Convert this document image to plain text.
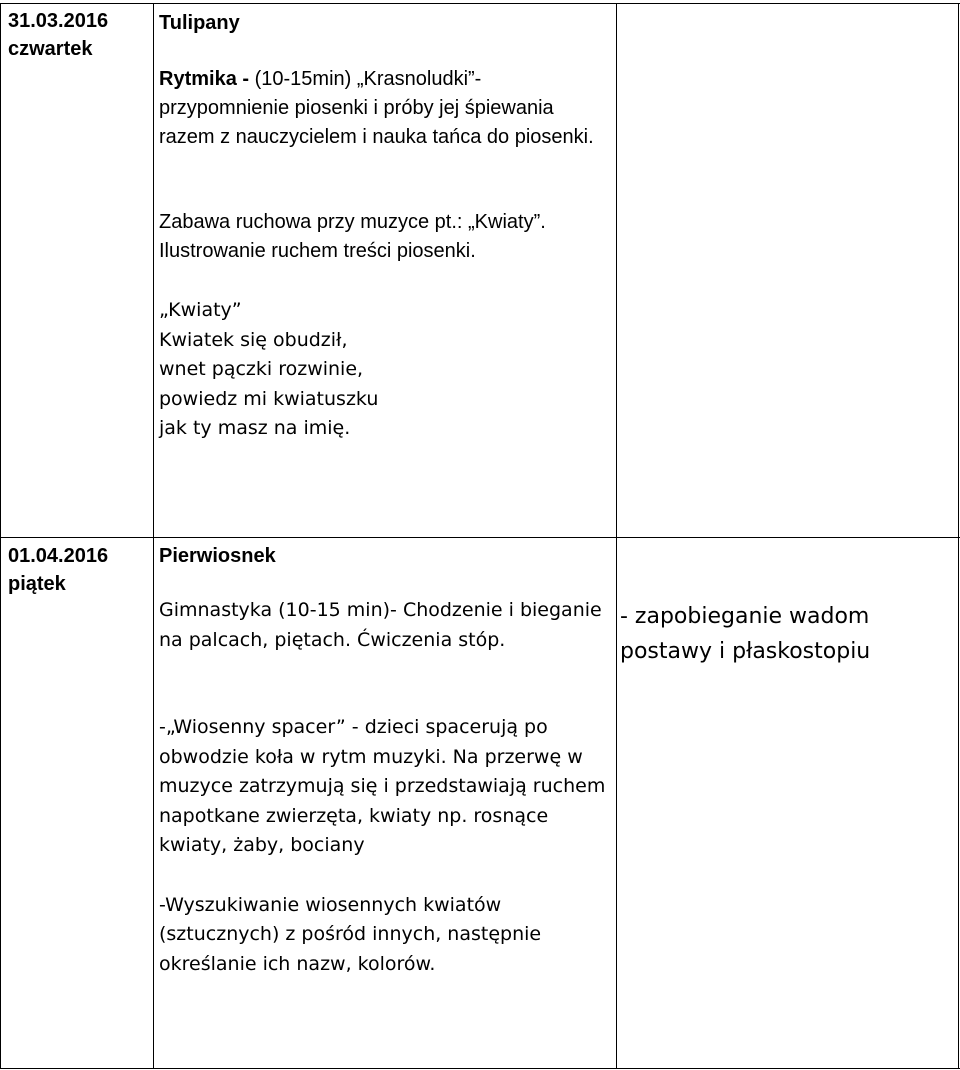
31.03.2016
czwartek
Tulipany
Rytmika - (10-15min) „Krasnoludki”- przypomnienie piosenki i próby jej śpiewania razem z nauczycielem i nauka tańca do piosenki.
Zabawa ruchowa przy muzyce pt.: „Kwiaty”. Ilustrowanie ruchem treści piosenki.
„Kwiaty”
Kwiatek się obudził,
wnet pączki rozwinie,
powiedz mi kwiatuszku
jak ty masz na imię.
01.04.2016
piątek
Pierwiosnek
Gimnastyka (10-15 min)- Chodzenie i bieganie na palcach, piętach. Ćwiczenia stóp.
-„Wiosenny spacer” - dzieci spacerują po obwodzie koła w rytm muzyki. Na przerwę w muzyce zatrzymują się i przedstawiają ruchem napotkane zwierzęta, kwiaty np. rosnące kwiaty, żaby, bociany
-Wyszukiwanie wiosennych kwiatów (sztucznych) z pośród innych, następnie określanie ich nazw, kolorów.
- zapobieganie wadom postawy i płaskostopiu
